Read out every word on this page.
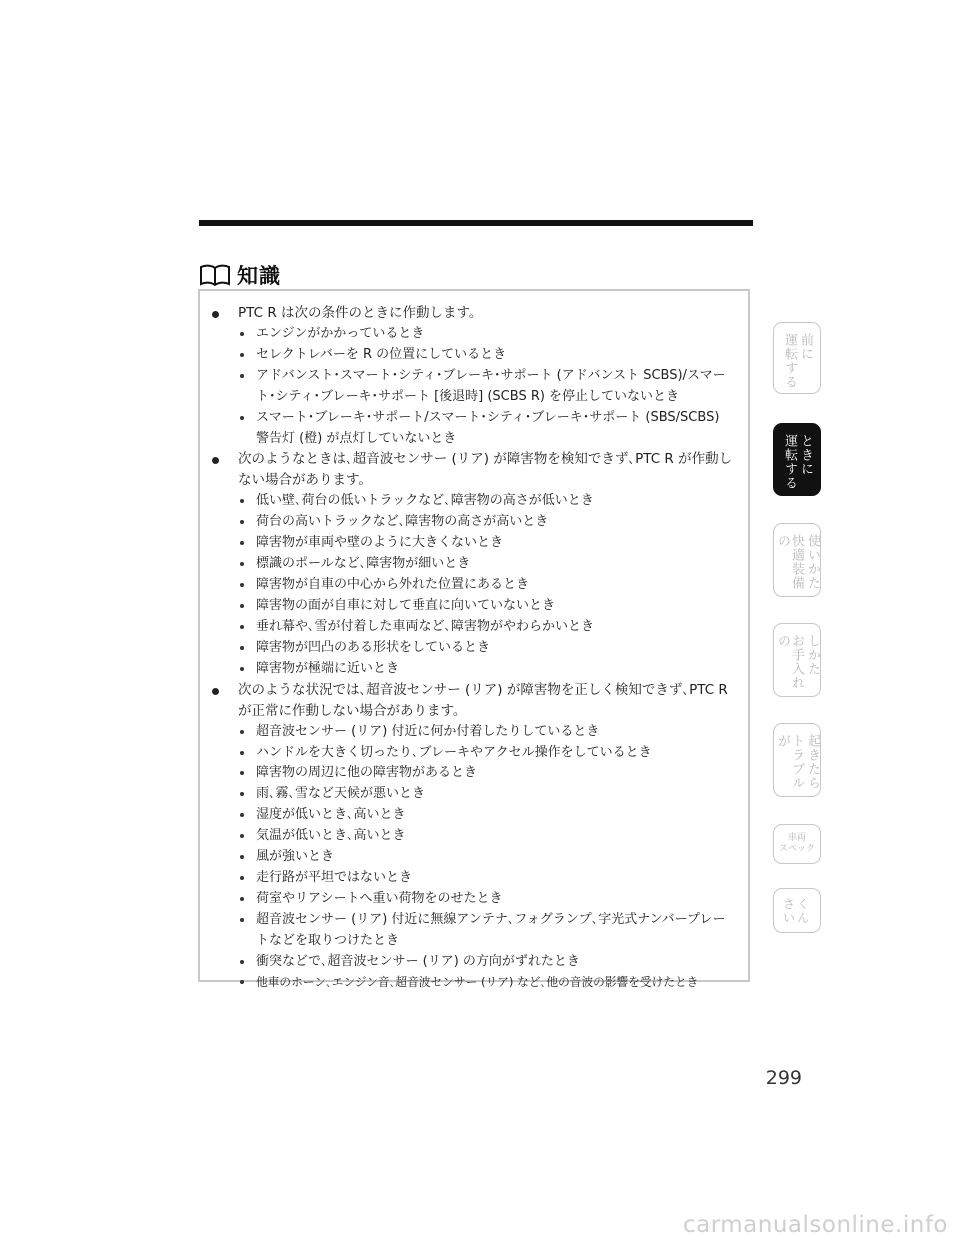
知識
PTC R は次の条件のときに作動します。
エンジンがかかっているとき
セレクトレバーを R の位置にしているとき
アドバンスト･スマート･シティ･ブレーキ･サポート (アドバンスト SCBS)/スマート･シティ･ブレーキ･サポート [後退時] (SCBS R) を停止していないとき
スマート･ブレーキ･サポート/スマート･シティ･ブレーキ･サポート (SBS/SCBS) 警告灯 (橙) が点灯していないとき
次のようなときは､超音波センサー (リア) が障害物を検知できず､PTC R が作動しない場合があります。
低い壁､荷台の低いトラックなど､障害物の高さが低いとき
荷台の高いトラックなど､障害物の高さが高いとき
障害物が車両や壁のように大きくないとき
標識のポールなど､障害物が細いとき
障害物が自車の中心から外れた位置にあるとき
障害物の面が自車に対して垂直に向いていないとき
垂れ幕や､雪が付着した車両など､障害物がやわらかいとき
障害物が凹凸のある形状をしているとき
障害物が極端に近いとき
次のような状況では､超音波センサー (リア) が障害物を正しく検知できず､PTC R が正常に作動しない場合があります。
超音波センサー (リア) 付近に何か付着したりしているとき
ハンドルを大きく切ったり､ブレーキやアクセル操作をしているとき
障害物の周辺に他の障害物があるとき
雨､霧､雪など天候が悪いとき
湿度が低いとき､高いとき
気温が低いとき､高いとき
風が強いとき
走行路が平坦ではないとき
荷室やリアシートへ重い荷物をのせたとき
超音波センサー (リア) 付近に無線アンテナ､フォグランプ､字光式ナンバープレートなどを取りつけたとき
衝突などで､超音波センサー (リア) の方向がずれたとき
他車のホーン､エンジン音､超音波センサー (リア) など､他の音波の影響を受けたとき
運転する 前に
運転する ときに
快適装備の	使いかた
お手入れの	しかた
トラブルが	起きたら
車両
スペック
さく
いん
299
carmanualsonline.info
